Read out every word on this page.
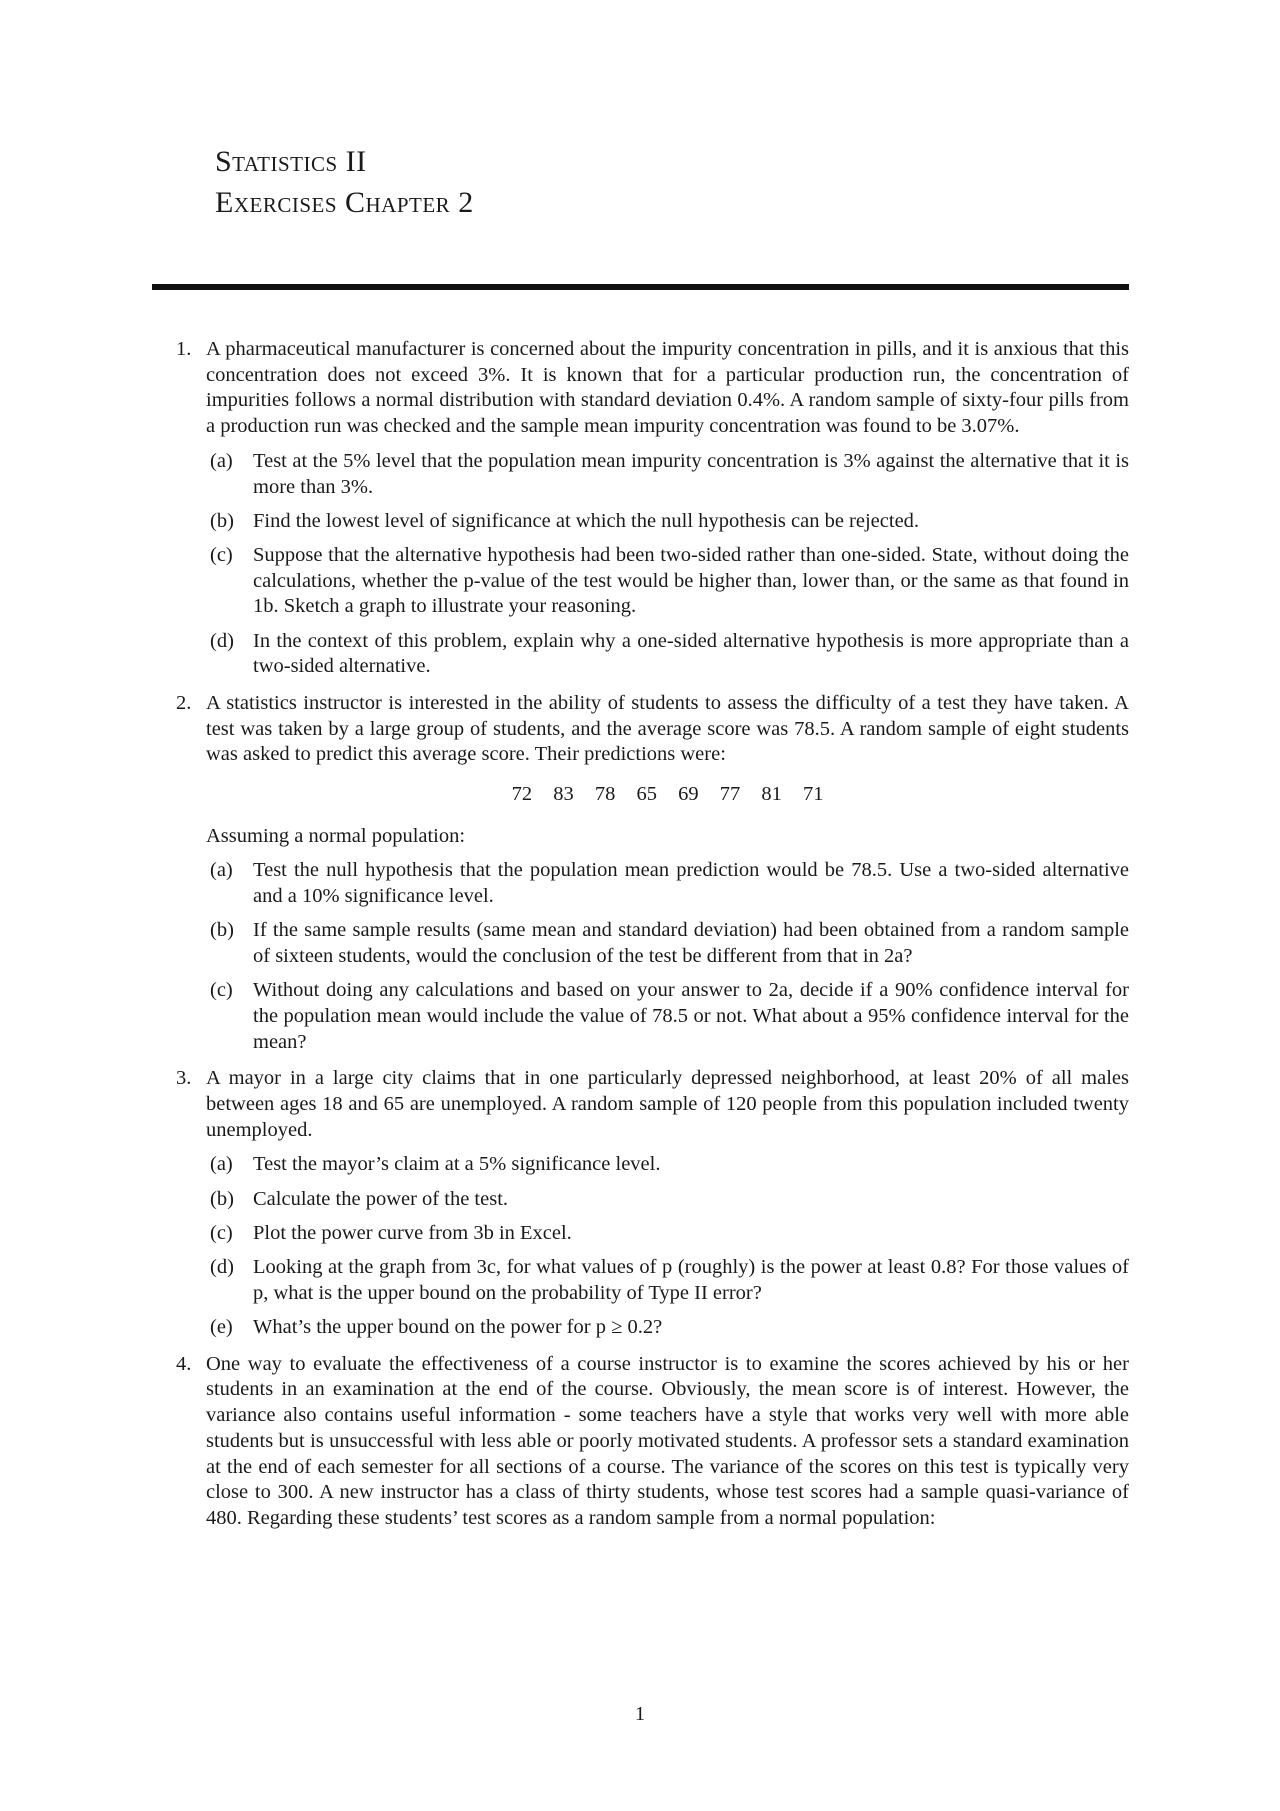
Statistics II
Exercises Chapter 2
1. A pharmaceutical manufacturer is concerned about the impurity concentration in pills, and it is anxious that this concentration does not exceed 3%. It is known that for a particular production run, the concentration of impurities follows a normal distribution with standard deviation 0.4%. A random sample of sixty-four pills from a production run was checked and the sample mean impurity concentration was found to be 3.07%.
(a) Test at the 5% level that the population mean impurity concentration is 3% against the alternative that it is more than 3%.
(b) Find the lowest level of significance at which the null hypothesis can be rejected.
(c) Suppose that the alternative hypothesis had been two-sided rather than one-sided. State, without doing the calculations, whether the p-value of the test would be higher than, lower than, or the same as that found in 1b. Sketch a graph to illustrate your reasoning.
(d) In the context of this problem, explain why a one-sided alternative hypothesis is more appropriate than a two-sided alternative.
2. A statistics instructor is interested in the ability of students to assess the difficulty of a test they have taken. A test was taken by a large group of students, and the average score was 78.5. A random sample of eight students was asked to predict this average score. Their predictions were:
72 83 78 65 69 77 81 71
Assuming a normal population:
(a) Test the null hypothesis that the population mean prediction would be 78.5. Use a two-sided alternative and a 10% significance level.
(b) If the same sample results (same mean and standard deviation) had been obtained from a random sample of sixteen students, would the conclusion of the test be different from that in 2a?
(c) Without doing any calculations and based on your answer to 2a, decide if a 90% confidence interval for the population mean would include the value of 78.5 or not. What about a 95% confidence interval for the mean?
3. A mayor in a large city claims that in one particularly depressed neighborhood, at least 20% of all males between ages 18 and 65 are unemployed. A random sample of 120 people from this population included twenty unemployed.
(a) Test the mayor’s claim at a 5% significance level.
(b) Calculate the power of the test.
(c) Plot the power curve from 3b in Excel.
(d) Looking at the graph from 3c, for what values of p (roughly) is the power at least 0.8? For those values of p, what is the upper bound on the probability of Type II error?
(e) What’s the upper bound on the power for p ≥ 0.2?
4. One way to evaluate the effectiveness of a course instructor is to examine the scores achieved by his or her students in an examination at the end of the course. Obviously, the mean score is of interest. However, the variance also contains useful information - some teachers have a style that works very well with more able students but is unsuccessful with less able or poorly motivated students. A professor sets a standard examination at the end of each semester for all sections of a course. The variance of the scores on this test is typically very close to 300. A new instructor has a class of thirty students, whose test scores had a sample quasi-variance of 480. Regarding these students’ test scores as a random sample from a normal population:
1
